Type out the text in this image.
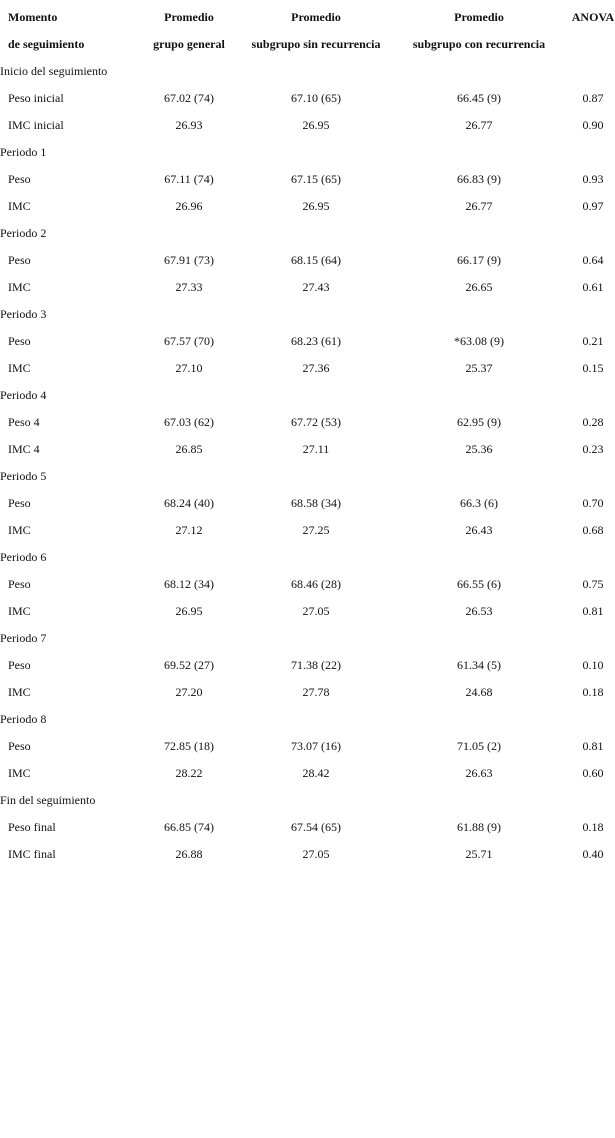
Momento	Promedio	Promedio	Promedio	ANOVA
de seguimiento	grupo general	subgrupo sin recurrencia	subgrupo con recurrencia	
Inicio del seguimiento				
Peso inicial	67.02 (74)	67.10 (65)	66.45 (9)	0.87
IMC inicial	26.93	26.95	26.77	0.90
Periodo 1				
Peso	67.11 (74)	67.15 (65)	66.83 (9)	0.93
IMC	26.96	26.95	26.77	0.97
Periodo 2				
Peso	67.91 (73)	68.15 (64)	66.17 (9)	0.64
IMC	27.33	27.43	26.65	0.61
Periodo 3				
Peso	67.57 (70)	68.23 (61)	*63.08 (9)	0.21
IMC	27.10	27.36	25.37	0.15
Periodo 4				
Peso 4	67.03 (62)	67.72 (53)	62.95 (9)	0.28
IMC 4	26.85	27.11	25.36	0.23
Periodo 5				
Peso	68.24 (40)	68.58 (34)	66.3 (6)	0.70
IMC	27.12	27.25	26.43	0.68
Periodo 6				
Peso	68.12 (34)	68.46 (28)	66.55 (6)	0.75
IMC	26.95	27.05	26.53	0.81
Periodo 7				
Peso	69.52 (27)	71.38 (22)	61.34 (5)	0.10
IMC	27.20	27.78	24.68	0.18
Periodo 8				
Peso	72.85 (18)	73.07 (16)	71.05 (2)	0.81
IMC	28.22	28.42	26.63	0.60
Fin del seguimiento				
Peso final	66.85 (74)	67.54 (65)	61.88 (9)	0.18
IMC final	26.88	27.05	25.71	0.40
